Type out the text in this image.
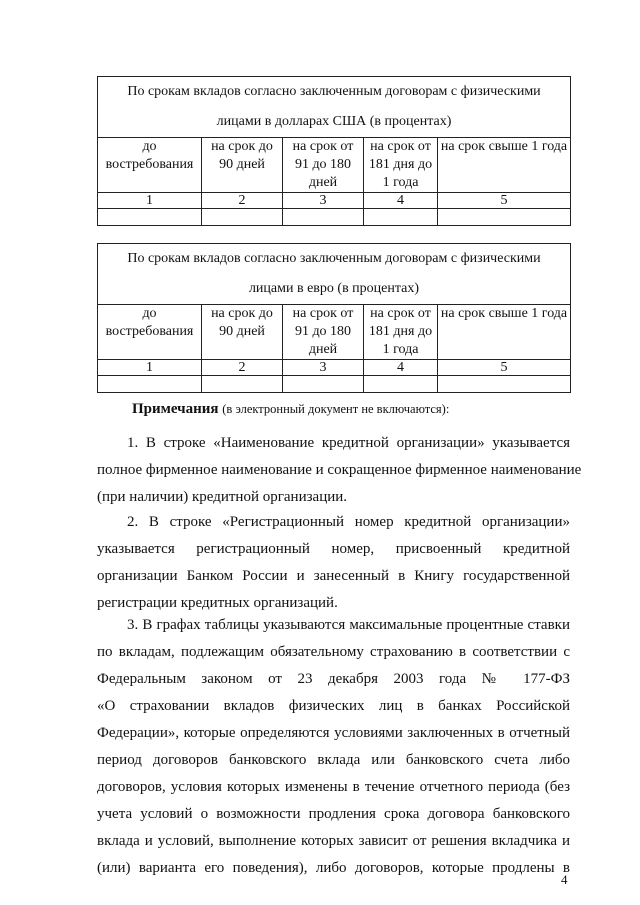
По срокам вкладов согласно заключенным договорам с физическими лицами в долларах США (в процентах)				
до востребования	на срок до 90 дней	на срок от 91 до 180 дней	на срок от 181 дня до 1 года	на срок свыше 1 года
1	2	3	4	5

По срокам вкладов согласно заключенным договорам с физическими лицами в евро (в процентах)				
до востребования	на срок до 90 дней	на срок от 91 до 180 дней	на срок от 181 дня до 1 года	на срок свыше 1 года
1	2	3	4	5

Примечания (в электронный документ не включаются):
1. В строке «Наименование кредитной организации» указывается
полное фирменное наименование и сокращенное фирменное наименование
(при наличии) кредитной организации.
2. В строке «Регистрационный номер кредитной организации»
указывается регистрационный номер, присвоенный кредитной
организации Банком России и занесенный в Книгу государственной
регистрации кредитных организаций.
3. В графах таблицы указываются максимальные процентные ставки
по вкладам, подлежащим обязательному страхованию в соответствии с
Федеральным законом от 23 декабря 2003 года № 177-ФЗ
«О страховании вкладов физических лиц в банках Российской
Федерации», которые определяются условиями заключенных в отчетный
период договоров банковского вклада или банковского счета либо
договоров, условия которых изменены в течение отчетного периода (без
учета условий о возможности продления срока договора банковского
вклада и условий, выполнение которых зависит от решения вкладчика и
(или) варианта его поведения), либо договоров, которые продлены в
4
